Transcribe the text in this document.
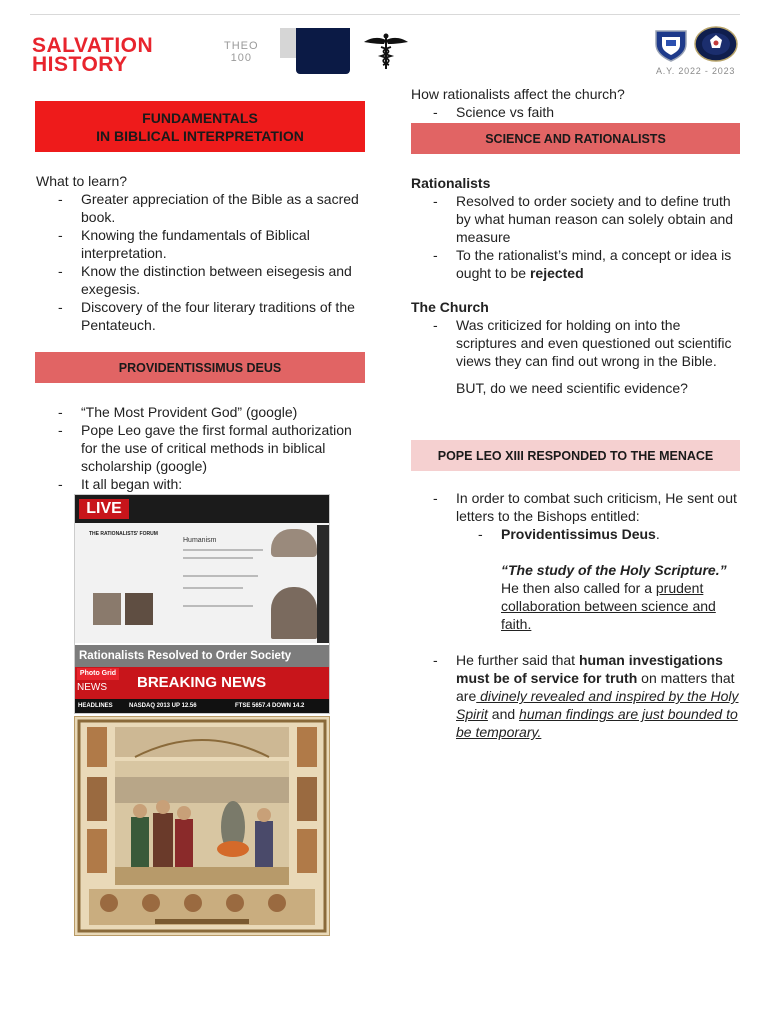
SALVATION
HISTORY
THEO
100
A.Y. 2022 - 2023
FUNDAMENTALS
IN BIBLICAL INTERPRETATION
What to learn?
- Greater appreciation of the Bible as a sacred book.
- Knowing the fundamentals of Biblical interpretation.
- Know the distinction between eisegesis and exegesis.
- Discovery of the four literary traditions of the Pentateuch.
PROVIDENTISSIMUS DEUS
- “The Most Provident God” (google)
- Pope Leo gave the first formal authorization for the use of critical methods in biblical scholarship (google)
- It all began with:
LIVE
THE RATIONALISTS' FORUM
Humanism
Rationalists Resolved to Order Society
Photo Grid
NEWS BREAKING NEWS
HEADLINES	NASDAQ 2013 UP 12.56	FTSE 5657.4 DOWN 14.2
How rationalists affect the church?
- Science vs faith
SCIENCE AND RATIONALISTS
Rationalists
- Resolved to order society and to define truth by what human reason can solely obtain and measure
- To the rationalist’s mind, a concept or idea is ought to be rejected
The Church
- Was criticized for holding on into the scriptures and even questioned out scientific views they can find out wrong in the Bible.
BUT, do we need scientific evidence?
POPE LEO XIII RESPONDED TO THE MENACE
- In order to combat such criticism, He sent out letters to the Bishops entitled:
- Providentissimus Deus.
“The study of the Holy Scripture.” He then also called for a prudent collaboration between science and faith.
- He further said that human investigations must be of service for truth on matters that are divinely revealed and inspired by the Holy Spirit and human findings are just bounded to be temporary.
